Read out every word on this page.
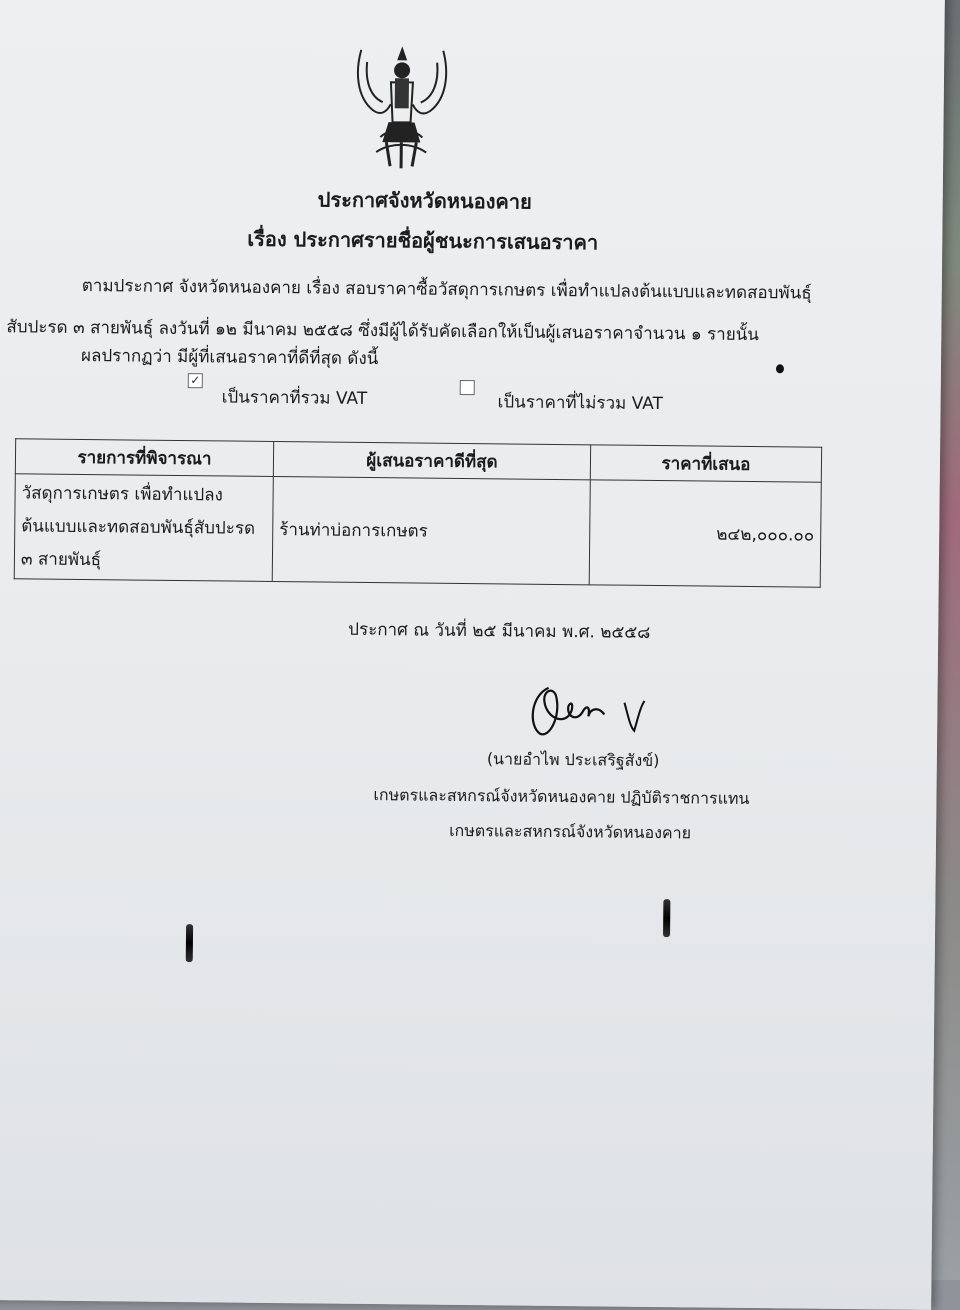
ประกาศจังหวัดหนองคาย
เรื่อง ประกาศรายชื่อผู้ชนะการเสนอราคา
ตามประกาศ จังหวัดหนองคาย เรื่อง สอบราคาซื้อวัสดุการเกษตร เพื่อทำแปลงต้นแบบและทดสอบพันธุ์
สับปะรด ๓ สายพันธุ์ ลงวันที่ ๑๒ มีนาคม ๒๕๕๘ ซึ่งมีผู้ได้รับคัดเลือกให้เป็นผู้เสนอราคาจำนวน ๑ รายนั้น
ผลปรากฏว่า มีผู้ที่เสนอราคาที่ดีที่สุด ดังนี้
✓
เป็นราคาที่รวม VAT	เป็นราคาที่ไม่รวม VAT
รายการที่พิจารณา	ผู้เสนอราคาดีที่สุด	ราคาที่เสนอ
วัสดุการเกษตร เพื่อทำแปลงต้นแบบและทดสอบพันธุ์สับปะรด ๓ สายพันธุ์	ร้านท่าบ่อการเกษตร	๒๔๒,๐๐๐.๐๐
ประกาศ ณ วันที่ ๒๕ มีนาคม พ.ศ. ๒๕๕๘
(นายอำไพ ประเสริฐสังข์)
เกษตรและสหกรณ์จังหวัดหนองคาย ปฏิบัติราชการแทน
เกษตรและสหกรณ์จังหวัดหนองคาย
